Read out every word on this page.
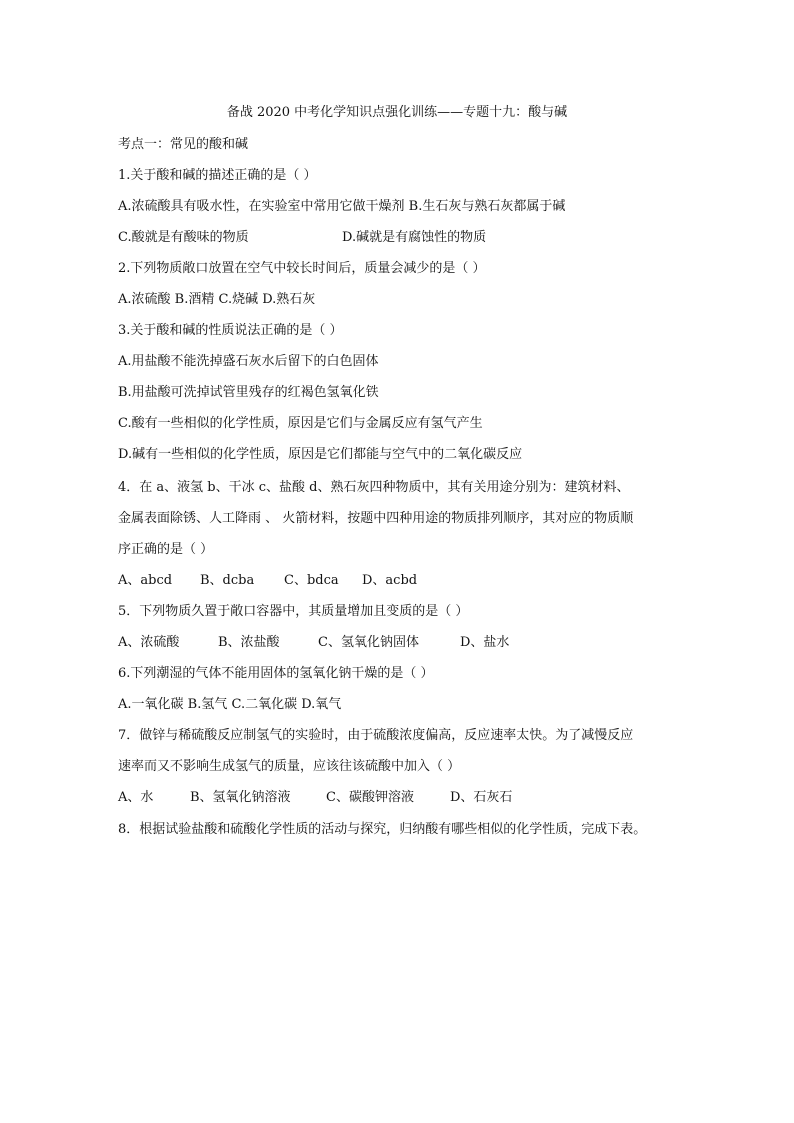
备战 2020 中考化学知识点强化训练——专题十九：酸与碱
考点一：常见的酸和碱
1.关于酸和碱的描述正确的是（ ）
A.浓硫酸具有吸水性，在实验室中常用它做干燥剂 B.生石灰与熟石灰都属于碱
C.酸就是有酸味的物质	D.碱就是有腐蚀性的物质
2.下列物质敞口放置在空气中较长时间后，质量会减少的是（ ）
A.浓硫酸 B.酒精 C.烧碱 D.熟石灰
3.关于酸和碱的性质说法正确的是（ ）
A.用盐酸不能洗掉盛石灰水后留下的白色固体
B.用盐酸可洗掉试管里残存的红褐色氢氧化铁
C.酸有一些相似的化学性质，原因是它们与金属反应有氢气产生
D.碱有一些相似的化学性质，原因是它们都能与空气中的二氧化碳反应
4．在 a、液氢 b、干冰 c、盐酸 d、熟石灰四种物质中，其有关用途分别为：建筑材料、
金属表面除锈、人工降雨 、 火箭材料，按题中四种用途的物质排列顺序，其对应的物质顺
序正确的是（ ）
A、abcd B、dcba C、bdca D、acbd
5．下列物质久置于敞口容器中，其质量增加且变质的是（ ）
A、浓硫酸	B、浓盐酸	C、氢氧化钠固体	D、盐水
6.下列潮湿的气体不能用固体的氢氧化钠干燥的是（ ）
A.一氧化碳 B.氢气 C.二氧化碳 D.氧气
7．做锌与稀硫酸反应制氢气的实验时，由于硫酸浓度偏高，反应速率太快。为了减慢反应
速率而又不影响生成氢气的质量，应该往该硫酸中加入（ ）
A、水	B、氢氧化钠溶液	C、碳酸钾溶液	D、石灰石
8．根据试验盐酸和硫酸化学性质的活动与探究，归纳酸有哪些相似的化学性质，完成下表。
